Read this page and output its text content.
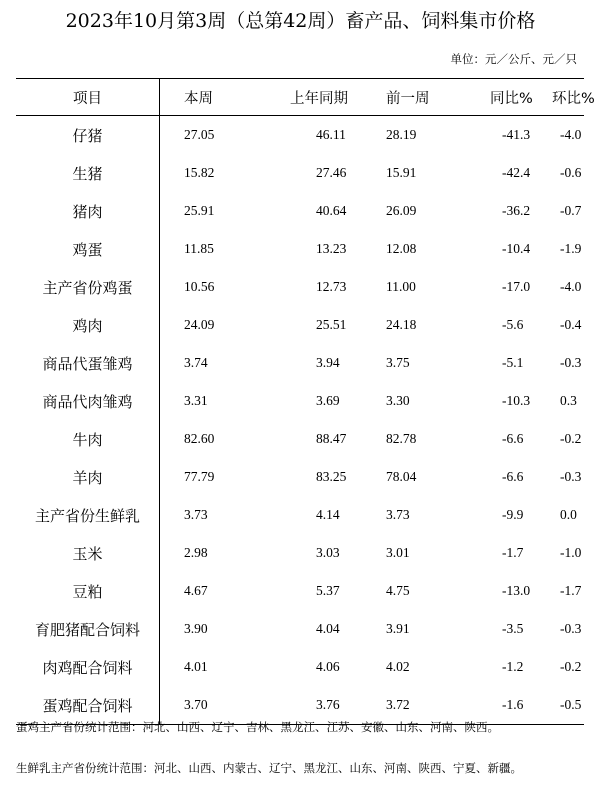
2023年10月第3周（总第42周）畜产品、饲料集市价格
单位：元／公斤、元／只
项目	本周	上年同期	前一周	同比%	环比%
仔猪	27.05	46.11	28.19	-41.3	-4.0
生猪	15.82	27.46	15.91	-42.4	-0.6
猪肉	25.91	40.64	26.09	-36.2	-0.7
鸡蛋	11.85	13.23	12.08	-10.4	-1.9
主产省份鸡蛋	10.56	12.73	11.00	-17.0	-4.0
鸡肉	24.09	25.51	24.18	-5.6	-0.4
商品代蛋雏鸡	3.74	3.94	3.75	-5.1	-0.3
商品代肉雏鸡	3.31	3.69	3.30	-10.3	0.3
牛肉	82.60	88.47	82.78	-6.6	-0.2
羊肉	77.79	83.25	78.04	-6.6	-0.3
主产省份生鲜乳	3.73	4.14	3.73	-9.9	0.0
玉米	2.98	3.03	3.01	-1.7	-1.0
豆粕	4.67	5.37	4.75	-13.0	-1.7
育肥猪配合饲料	3.90	4.04	3.91	-3.5	-0.3
肉鸡配合饲料	4.01	4.06	4.02	-1.2	-0.2
蛋鸡配合饲料	3.70	3.76	3.72	-1.6	-0.5
蛋鸡主产省份统计范围：河北、山西、辽宁、吉林、黑龙江、江苏、安徽、山东、河南、陕西。
生鲜乳主产省份统计范围：河北、山西、内蒙古、辽宁、黑龙江、山东、河南、陕西、宁夏、新疆。
